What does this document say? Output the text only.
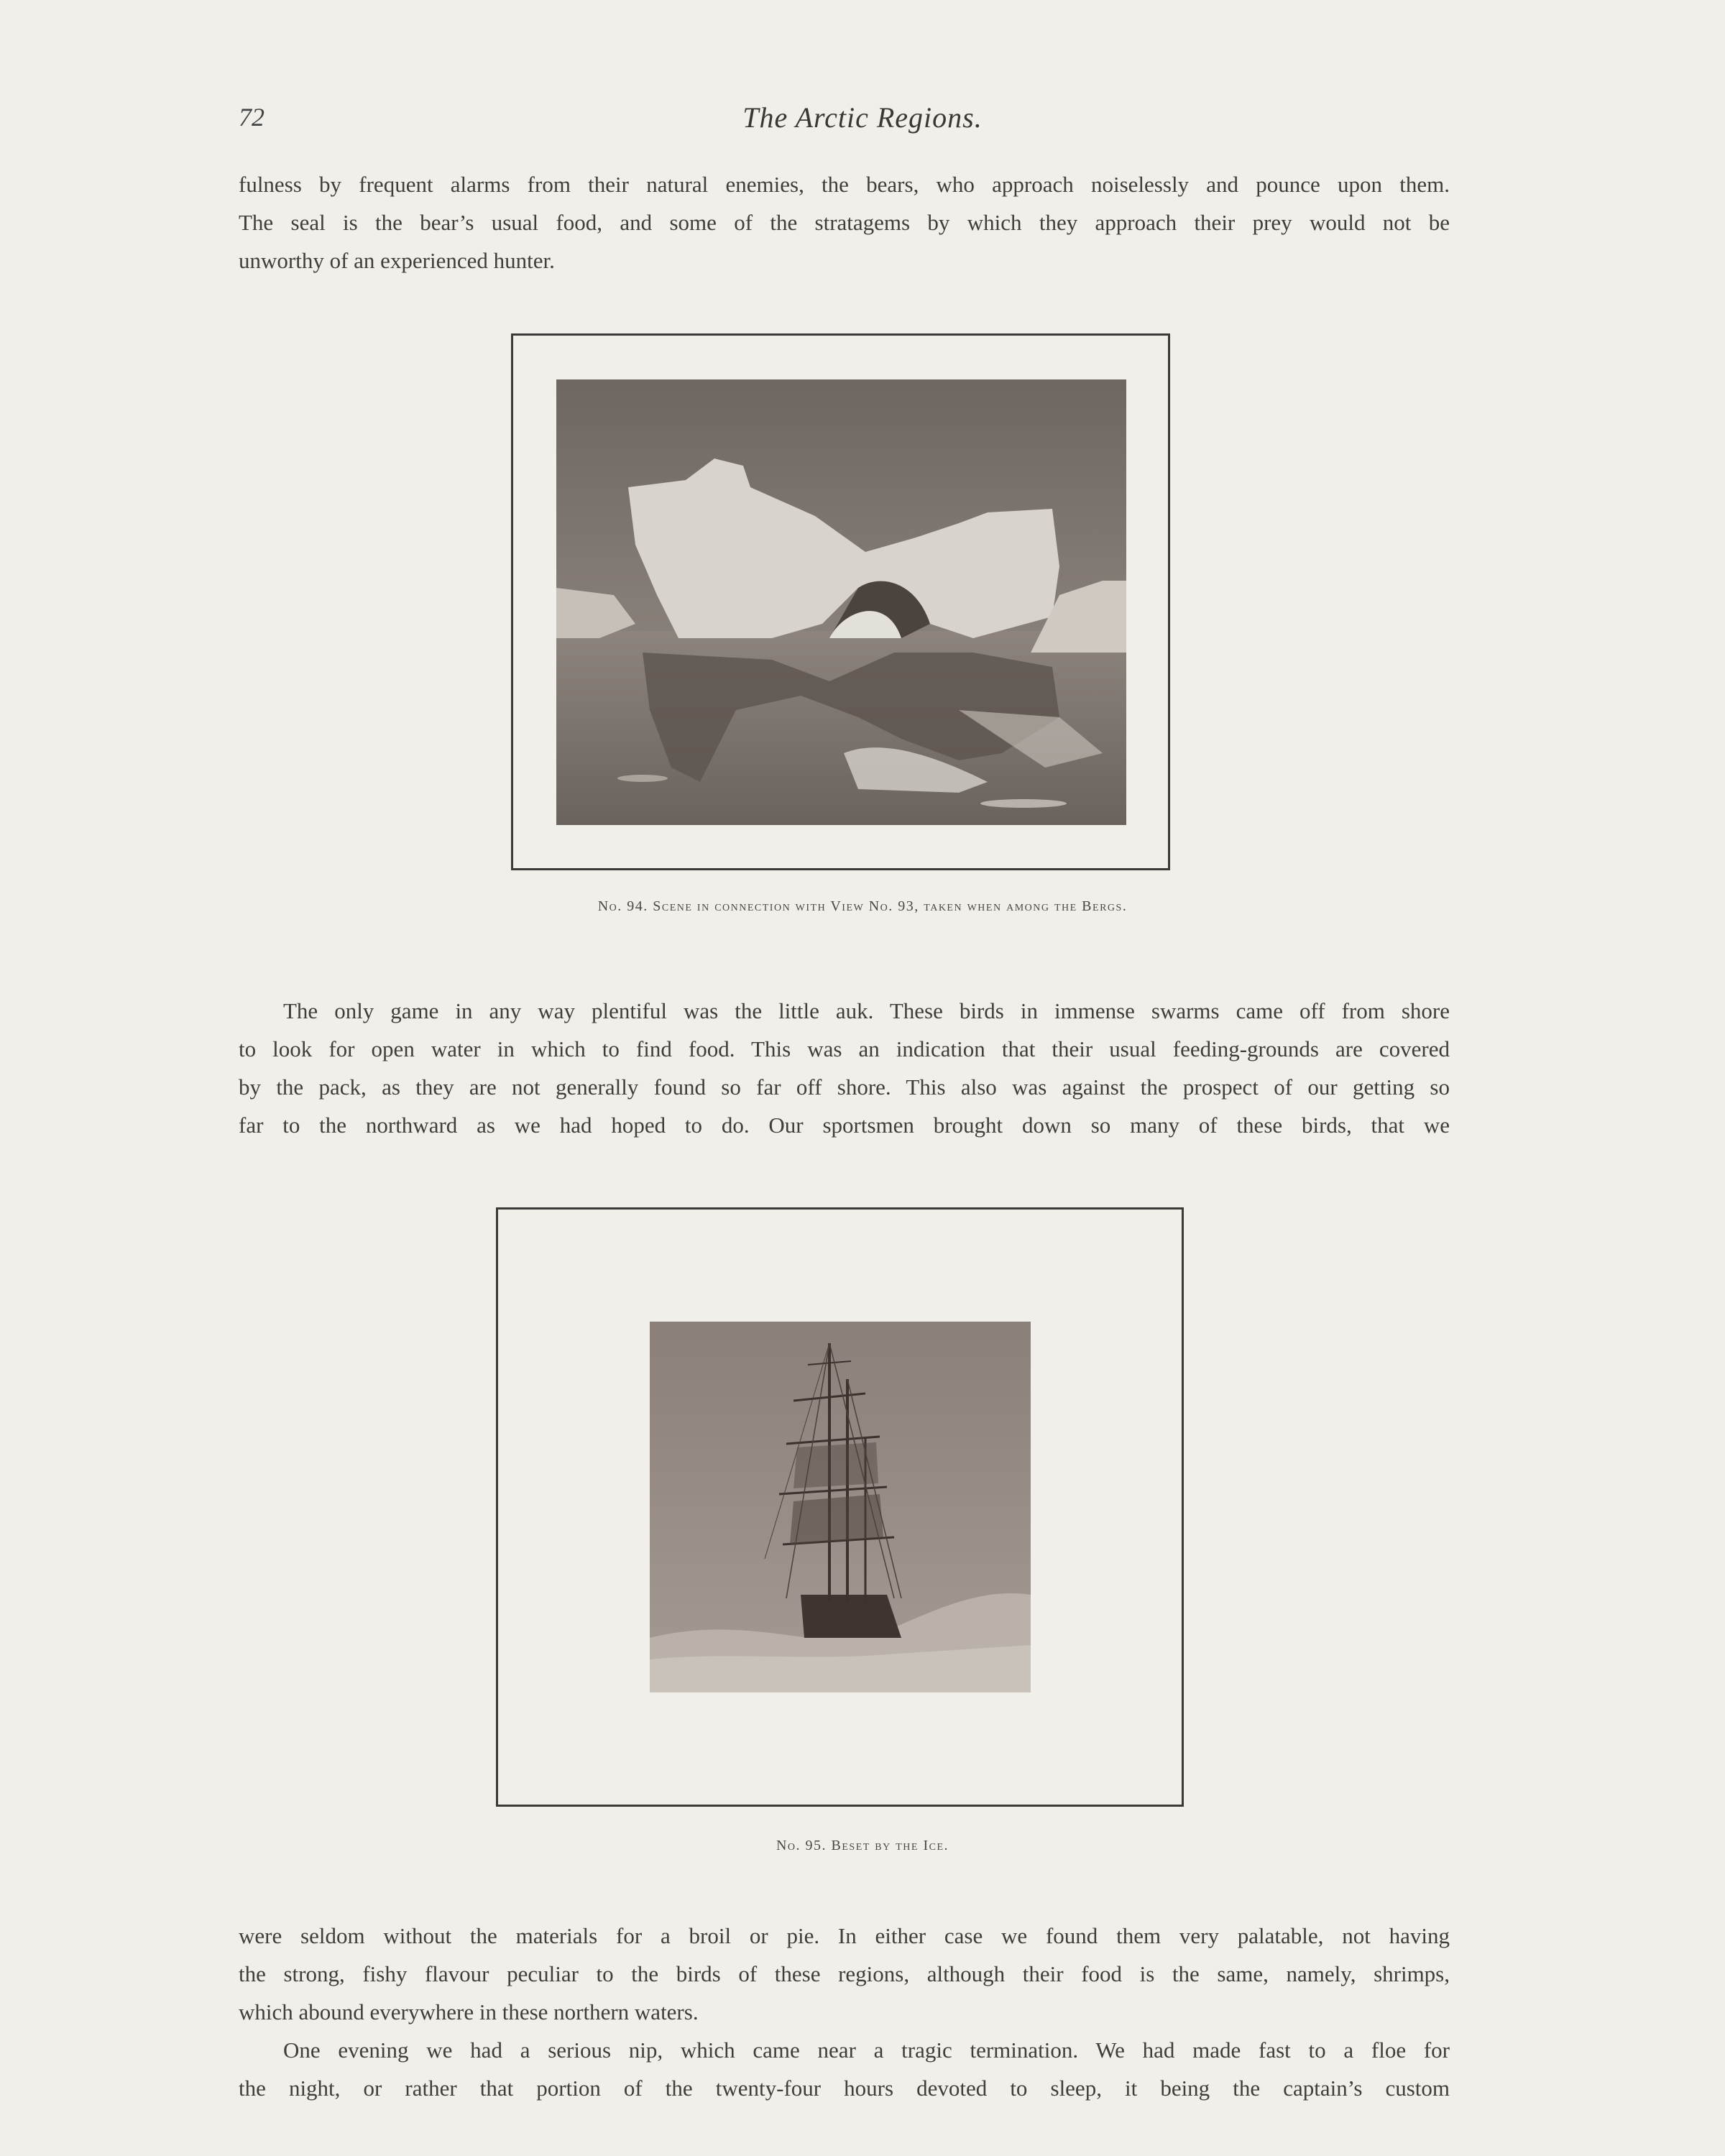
72	The Arctic Regions.
fulness by frequent alarms from their natural enemies, the bears, who approach noiselessly and pounce upon them.
The seal is the bear’s usual food, and some of the stratagems by which they approach their prey would not be
unworthy of an experienced hunter.
No. 94. Scene in connection with View No. 93, taken when among the Bergs.
The only game in any way plentiful was the little auk. These birds in immense swarms came off from shore
to look for open water in which to find food. This was an indication that their usual feeding-grounds are covered
by the pack, as they are not generally found so far off shore. This also was against the prospect of our getting so
far to the northward as we had hoped to do. Our sportsmen brought down so many of these birds, that we
No. 95. Beset by the Ice.
were seldom without the materials for a broil or pie. In either case we found them very palatable, not having
the strong, fishy flavour peculiar to the birds of these regions, although their food is the same, namely, shrimps,
which abound everywhere in these northern waters.
One evening we had a serious nip, which came near a tragic termination. We had made fast to a floe for
the night, or rather that portion of the twenty-four hours devoted to sleep, it being the captain’s custom
